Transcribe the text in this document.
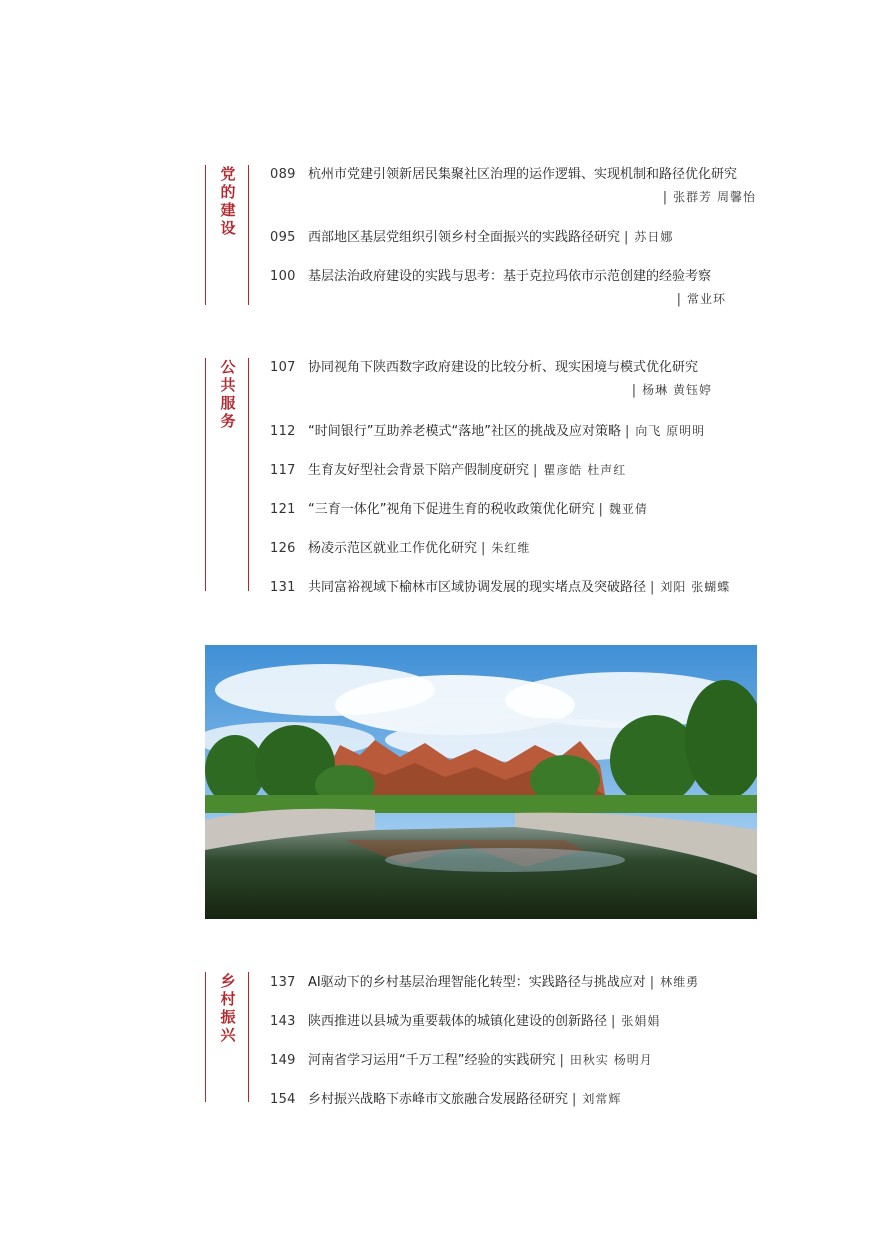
党的建设
089 杭州市党建引领新居民集聚社区治理的运作逻辑、实现机制和路径优化研究
| 张群芳 周馨怡
095 西部地区基层党组织引领乡村全面振兴的实践路径研究 | 苏日娜
100 基层法治政府建设的实践与思考：基于克拉玛依市示范创建的经验考察
| 常业环
公共服务
107 协同视角下陕西数字政府建设的比较分析、现实困境与模式优化研究
| 杨琳 黄钰婷
112 “时间银行”互助养老模式“落地”社区的挑战及应对策略 | 向飞 原明明
117 生育友好型社会背景下陪产假制度研究 | 瞿彦皓 杜声红
121 “三育一体化”视角下促进生育的税收政策优化研究 | 魏亚倩
126 杨凌示范区就业工作优化研究 | 朱红维
131 共同富裕视域下榆林市区域协调发展的现实堵点及突破路径 | 刘阳 张蝴蝶
乡村振兴
137 AI驱动下的乡村基层治理智能化转型：实践路径与挑战应对 | 林维勇
143 陕西推进以县城为重要载体的城镇化建设的创新路径 | 张娟娟
149 河南省学习运用“千万工程”经验的实践研究 | 田秋实 杨明月
154 乡村振兴战略下赤峰市文旅融合发展路径研究 | 刘常辉
